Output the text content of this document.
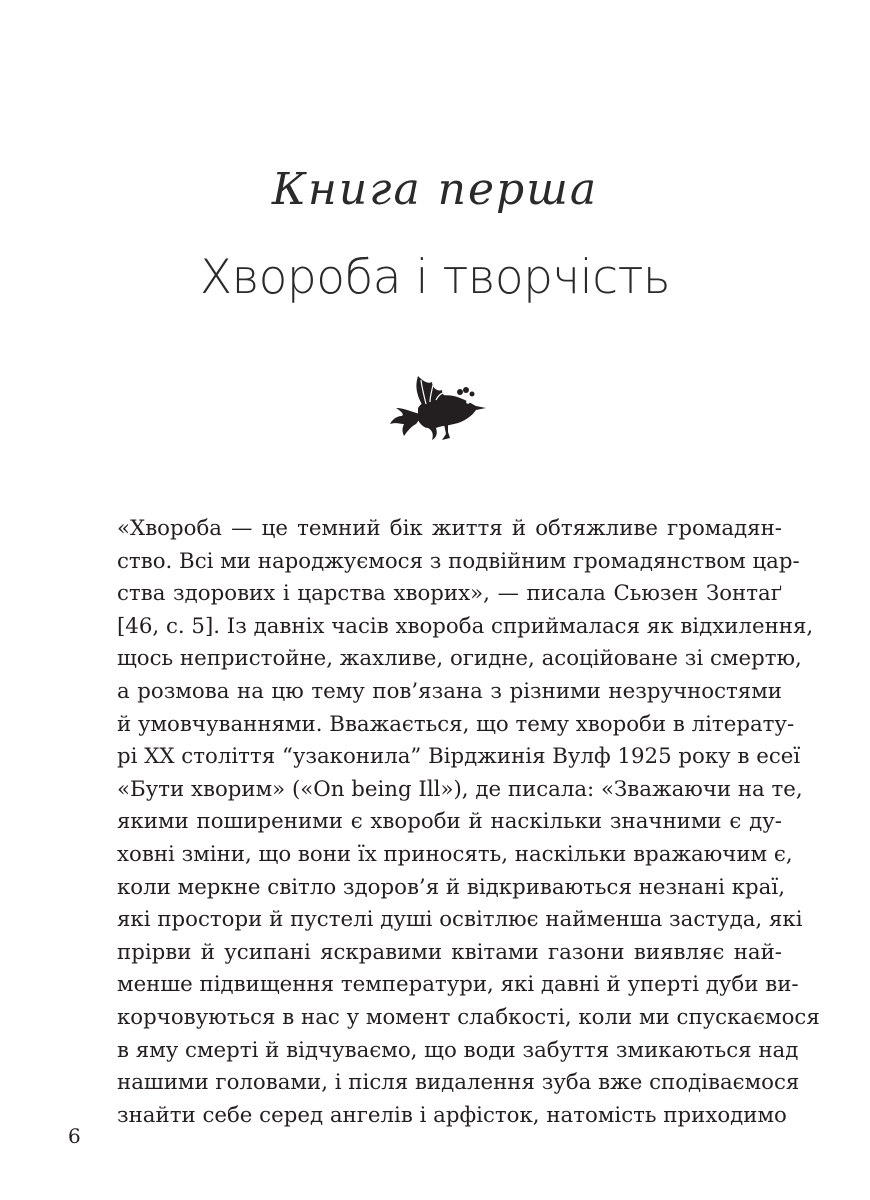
Книга перша
Хвороба і творчість
«Хвороба — це темний бік життя й обтяжливе громадян-
ство. Всі ми народжуємося з подвійним громадянством цар-
ства здорових і царства хворих», — писала Сьюзен Зонтаґ
[46, с. 5]. Із давніх часів хвороба сприймалася як відхилення,
щось непристойне, жахливе, огидне, асоційоване зі смертю,
а розмова на цю тему пов’язана з різними незручностями
й умовчуваннями. Вважається, що тему хвороби в літерату-
рі XX століття “узаконила” Вірджинія Вулф 1925 року в есеї
«Бути хворим» («On being Ill»), де писала: «Зважаючи на те,
якими поширеними є хвороби й наскільки значними є ду-
ховні зміни, що вони їх приносять, наскільки вражаючим є,
коли меркне світло здоров’я й відкриваються незнані краї,
які простори й пустелі душі освітлює найменша застуда, які
прірви й усипані яскравими квітами газони виявляє най-
менше підвищення температури, які давні й уперті дуби ви-
корчовуються в нас у момент слабкості, коли ми спускаємося
в яму смерті й відчуваємо, що води забуття змикаються над
нашими головами, і після видалення зуба вже сподіваємося
знайти себе серед ангелів і арфісток, натомість приходимо
6
